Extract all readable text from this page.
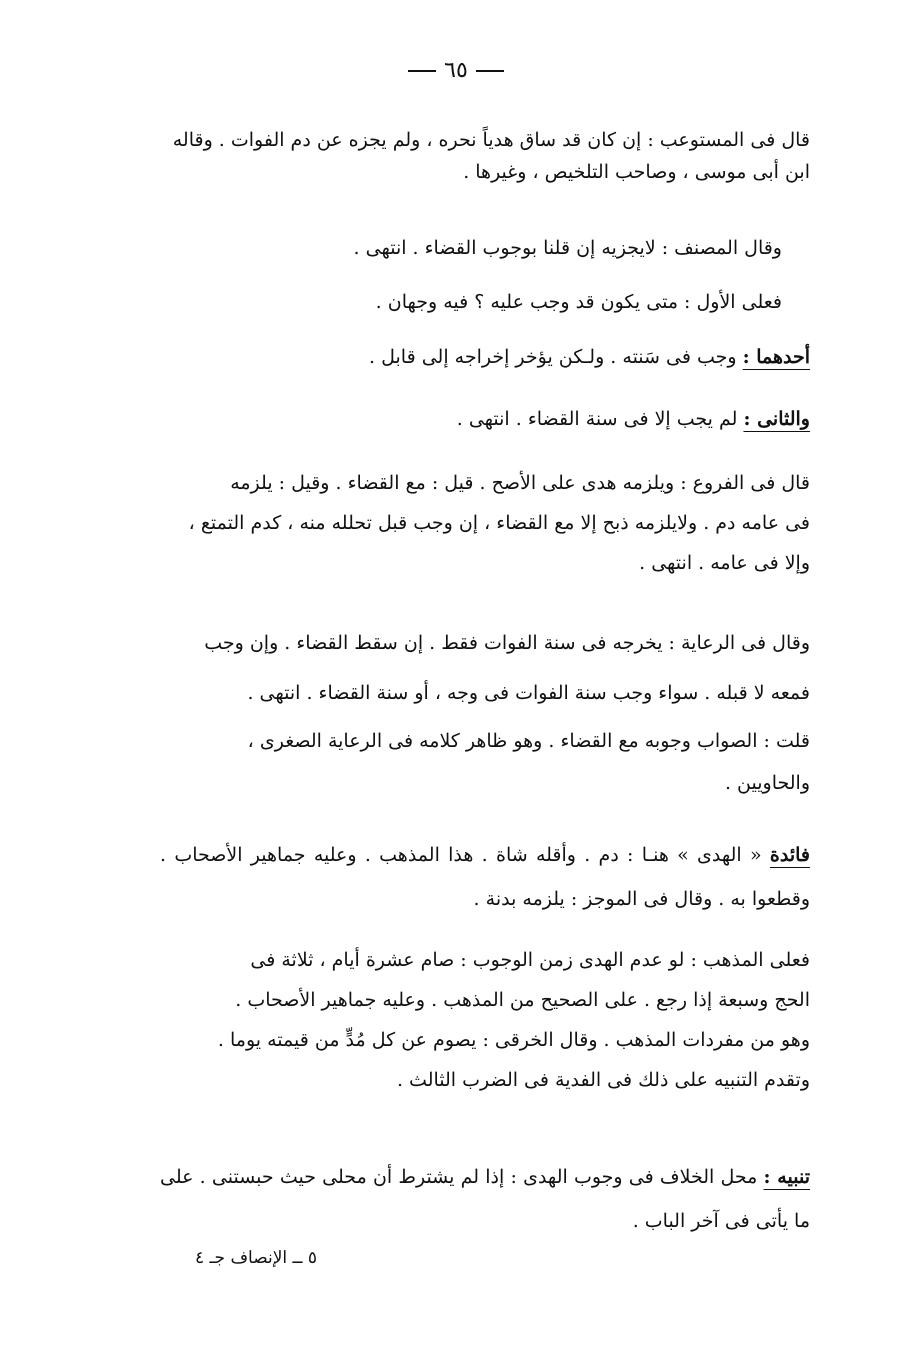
٦٥

قال فى المستوعب : إن كان قد ساق هدياً نحره ، ولم يجزه عن دم الفوات . وقاله
ابن أبى موسى ، وصاحب التلخيص ، وغيرها .

وقال المصنف : لايجزيه إن قلنا بوجوب القضاء . انتهى .
فعلى الأول : متى يكون قد وجب عليه ؟ فيه وجهان .
أحدهما : وجب فى سَنته . ولـكن يؤخر إخراجه إلى قابل .
والثانى : لم يجب إلا فى سنة القضاء . انتهى .
قال فى الفروع : ويلزمه هدى على الأصح . قيل : مع القضاء . وقيل : يلزمه
فى عامه دم . ولايلزمه ذبح إلا مع القضاء ، إن وجب قبل تحلله منه ، كدم التمتع ،
وإلا فى عامه . انتهى .
وقال فى الرعاية : يخرجه فى سنة الفوات فقط . إن سقط القضاء . وإن وجب
فمعه لا قبله . سواء وجب سنة الفوات فى وجه ، أو سنة القضاء . انتهى .
قلت : الصواب وجوبه مع القضاء . وهو ظاهر كلامه فى الرعاية الصغرى ،
والحاويين .
فائدة « الهدى » هنـا : دم . وأقله شاة . هذا المذهب . وعليه جماهير الأصحاب . وقطعوا به . وقال فى الموجز : يلزمه بدنة .
فعلى المذهب : لو عدم الهدى زمن الوجوب : صام عشرة أيام ، ثلاثة فى
الحج وسبعة إذا رجع . على الصحيح من المذهب . وعليه جماهير الأصحاب .
وهو من مفردات المذهب . وقال الخرقى : يصوم عن كل مُدٍّ من قيمته يوما .
وتقدم التنبيه على ذلك فى الفدية فى الضرب الثالث .
تنبيه : محل الخلاف فى وجوب الهدى : إذا لم يشترط أن محلى حيث حبستنى . على ما يأتى فى آخر الباب .
٥ ــ الإنصاف جـ ٤
